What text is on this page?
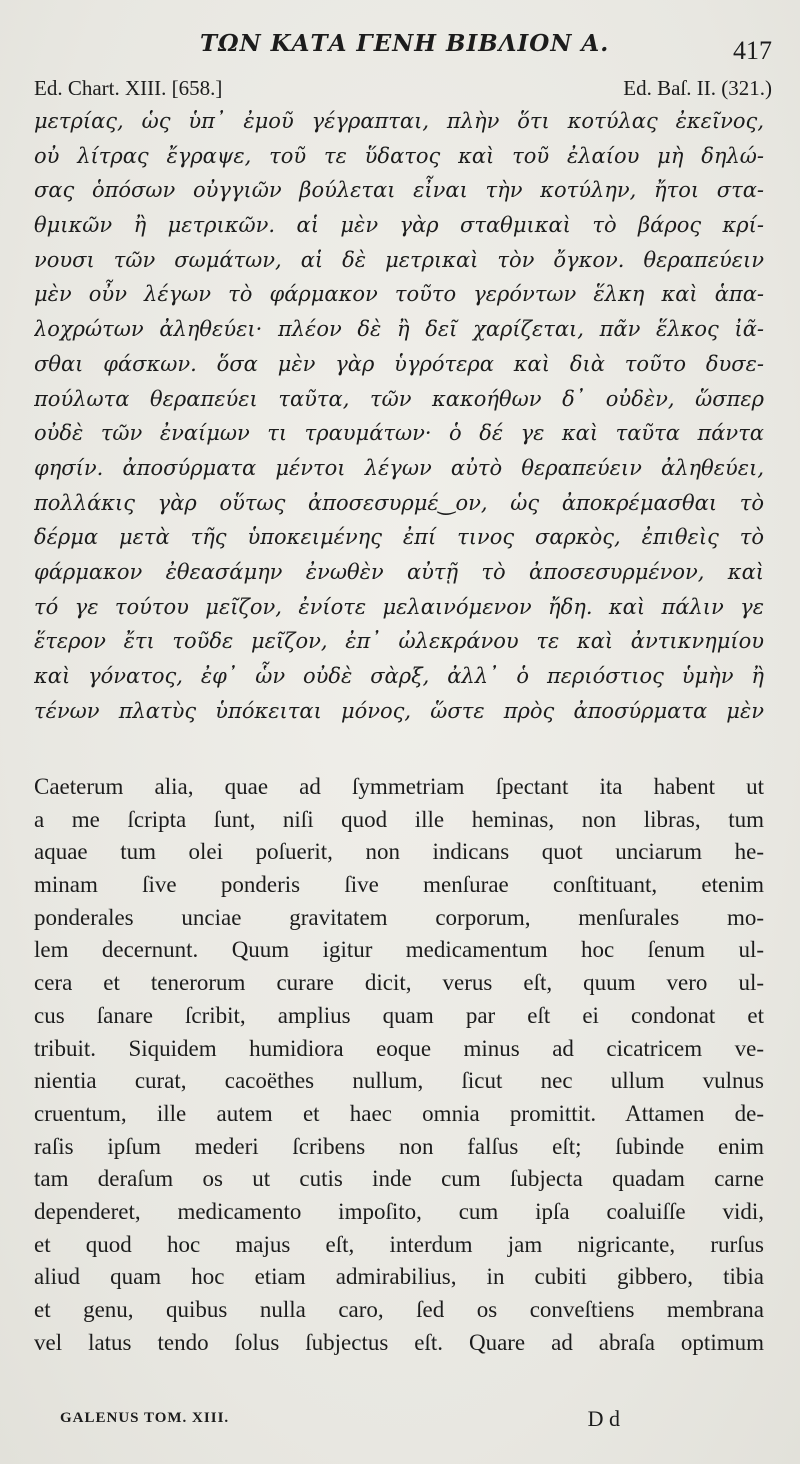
ΤΩΝ ΚΑΤΑ ΓΕΝΗ ΒΙΒΛΙΟΝ Α.	417
Ed. Chart. XIII. [658.]	Ed. Baſ. II. (321.)
μετρίας, ὡς ὑπ᾽ ἐμοῦ γέγραπται, πλὴν ὅτι κοτύλας ἐκεῖνος,
οὐ λίτρας ἔγραψε, τοῦ τε ὕδατος καὶ τοῦ ἐλαίου μὴ δηλώ-
σας ὁπόσων οὐγγιῶν βούλεται εἶναι τὴν κοτύλην, ἤτοι στα-
θμικῶν ἢ μετρικῶν. αἱ μὲν γὰρ σταθμικαὶ τὸ βάρος κρί-
νουσι τῶν σωμάτων, αἱ δὲ μετρικαὶ τὸν ὄγκον. θεραπεύειν
μὲν οὖν λέγων τὸ φάρμακον τοῦτο γερόντων ἕλκη καὶ ἁπα-
λοχρώτων ἀληθεύει· πλέον δὲ ἢ δεῖ χαρίζεται, πᾶν ἕλκος ἰᾶ-
σθαι φάσκων. ὅσα μὲν γὰρ ὑγρότερα καὶ διὰ τοῦτο δυσε-
πούλωτα θεραπεύει ταῦτα, τῶν κακοήθων δ᾽ οὐδὲν, ὥσπερ
οὐδὲ τῶν ἐναίμων τι τραυμάτων· ὁ δέ γε καὶ ταῦτα πάντα
φησίν. ἀποσύρματα μέντοι λέγων αὐτὸ θεραπεύειν ἀληθεύει,
πολλάκις γὰρ οὕτως ἀποσεσυρμέ‿ον, ὡς ἀποκρέμασθαι τὸ
δέρμα μετὰ τῆς ὑποκειμένης ἐπί τινος σαρκὸς, ἐπιθεὶς τὸ
φάρμακον ἐθεασάμην ἐνωθὲν αὐτῇ τὸ ἀποσεσυρμένον, καὶ
τό γε τούτου μεῖζον, ἐνίοτε μελαινόμενον ἤδη. καὶ πάλιν γε
ἕτερον ἔτι τοῦδε μεῖζον, ἐπ᾽ ὠλεκράνου τε καὶ ἀντικνημίου
καὶ γόνατος, ἐφ᾽ ὧν οὐδὲ σὰρξ, ἀλλ᾽ ὁ περιόστιος ὑμὴν ἢ
τένων πλατὺς ὑπόκειται μόνος, ὥστε πρὸς ἀποσύρματα μὲν
Caeterum alia, quae ad ſymmetriam ſpectant ita habent ut
a me ſcripta ſunt, niſi quod ille heminas, non libras, tum
aquae tum olei poſuerit, non indicans quot unciarum he-
minam ſive ponderis ſive menſurae conſtituant, etenim
ponderales unciae gravitatem corporum, menſurales mo-
lem decernunt. Quum igitur medicamentum hoc ſenum ul-
cera et tenerorum curare dicit, verus eſt, quum vero ul-
cus ſanare ſcribit, amplius quam par eſt ei condonat et
tribuit. Siquidem humidiora eoque minus ad cicatricem ve-
nientia curat, cacoëthes nullum, ſicut nec ullum vulnus
cruentum, ille autem et haec omnia promittit. Attamen de-
raſis ipſum mederi ſcribens non falſus eſt; ſubinde enim
tam deraſum os ut cutis inde cum ſubjecta quadam carne
dependeret, medicamento impoſito, cum ipſa coaluiſſe vidi,
et quod hoc majus eſt, interdum jam nigricante, rurſus
aliud quam hoc etiam admirabilius, in cubiti gibbero, tibia
et genu, quibus nulla caro, ſed os conveſtiens membrana
vel latus tendo ſolus ſubjectus eſt. Quare ad abraſa optimum
GALENUS TOM. XIII.	D d
